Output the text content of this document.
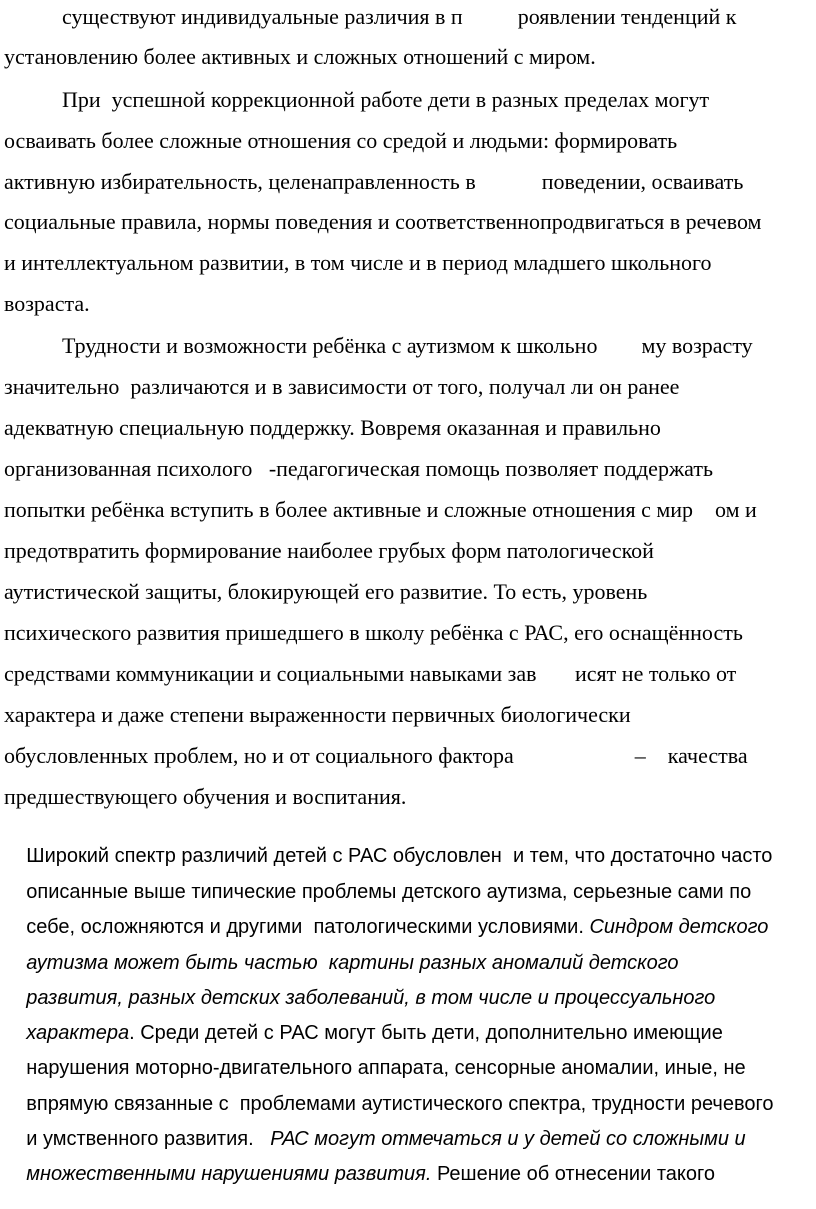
существуют индивидуальные различия в п          роявлении тенденций к

установлению более активных и сложных отношений с миром.

При  успешной коррекционной работе дети в разных пределах могут

осваивать более сложные отношения со средой и людьми: формировать

активную избирательность, целенаправленность в            поведении, осваивать

социальные правила, нормы поведения и соответственнопродвигаться в речевом

и интеллектуальном развитии, в том числе и в период младшего школьного

возраста.

Трудности и возможности ребёнка с аутизмом к школьно        му возрасту

значительно  различаются и в зависимости от того, получал ли он ранее

адекватную специальную поддержку. Вовремя оказанная и правильно

организованная психолого   -педагогическая помощь позволяет поддержать

попытки ребёнка вступить в более активные и сложные отношения с мир    ом и

предотвратить формирование наиболее грубых форм патологической

аутистической защиты, блокирующей его развитие. То есть, уровень

психического развития пришедшего в школу ребёнка с РАС, его оснащённость

средствами коммуникации и социальными навыками зав       исят не только от

характера и даже степени выраженности первичных биологически

обусловленных проблем, но и от социального фактора                      –    качества

предшествующего обучения и воспитания.

Широкий спектр различий детей с РАС обусловлен  и тем, что достаточно часто

описанные выше типические проблемы детского аутизма, серьезные сами по

себе, осложняются и другими  патологическими условиями. Синдром детского

аутизма может быть частью  картины разных аномалий детского

развития, разных детских заболеваний, в том числе и процессуального

характера. Среди детей с РАС могут быть дети, дополнительно имеющие

нарушения моторно-двигательного аппарата, сенсорные аномалии, иные, не

впрямую связанные с  проблемами аутистического спектра, трудности речевого

и умственного развития.   РАС могут отмечаться и у детей со сложными и

множественными нарушениями развития. Решение об отнесении такого
